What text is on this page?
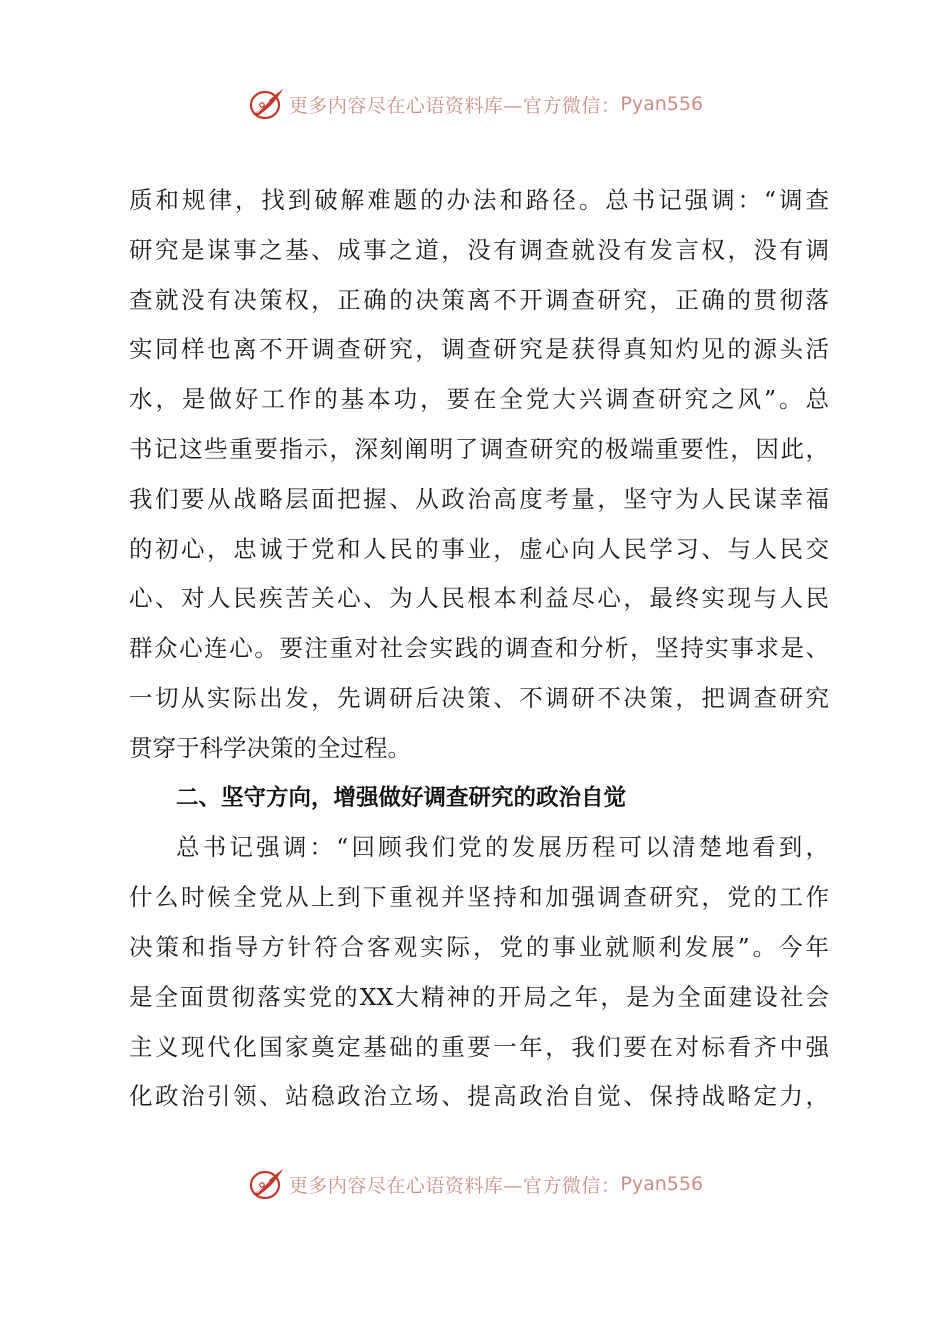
更多内容尽在心语资料库—官方微信： Pyan556
质和规律，找到破解难题的办法和路径。总书记强调：“调查
研究是谋事之基、成事之道，没有调查就没有发言权，没有调
查就没有决策权，正确的决策离不开调查研究，正确的贯彻落
实同样也离不开调查研究，调查研究是获得真知灼见的源头活
水，是做好工作的基本功，要在全党大兴调查研究之风”。总
书记这些重要指示，深刻阐明了调查研究的极端重要性，因此，
我们要从战略层面把握、从政治高度考量，坚守为人民谋幸福
的初心，忠诚于党和人民的事业，虚心向人民学习、与人民交
心、对人民疾苦关心、为人民根本利益尽心，最终实现与人民
群众心连心。要注重对社会实践的调查和分析，坚持实事求是、
一切从实际出发，先调研后决策、不调研不决策，把调查研究
贯穿于科学决策的全过程。
二、坚守方向，增强做好调查研究的政治自觉
总书记强调：“回顾我们党的发展历程可以清楚地看到，
什么时候全党从上到下重视并坚持和加强调查研究，党的工作
决策和指导方针符合客观实际，党的事业就顺利发展”。今年
是全面贯彻落实党的XX大精神的开局之年，是为全面建设社会
主义现代化国家奠定基础的重要一年，我们要在对标看齐中强
化政治引领、站稳政治立场、提高政治自觉、保持战略定力，
更多内容尽在心语资料库—官方微信： Pyan556
